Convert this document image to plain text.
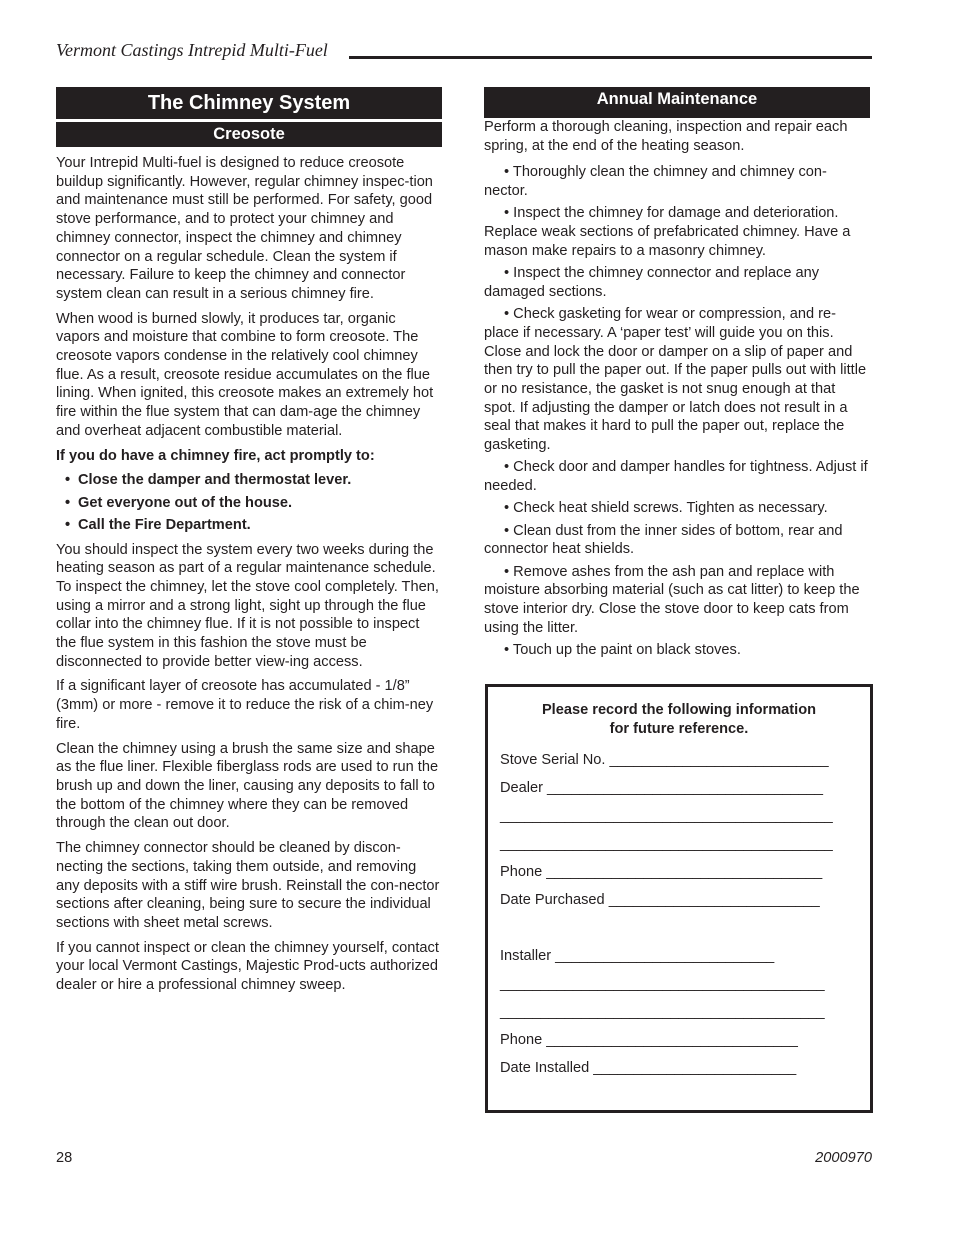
Vermont Castings Intrepid Multi-Fuel
The Chimney System
Creosote

Your Intrepid Multi-fuel is designed to reduce creosote buildup significantly. However, regular chimney inspec-tion and maintenance must still be performed. For safety, good stove performance, and to protect your chimney and chimney connector, inspect the chimney and chimney connector on a regular schedule. Clean the system if necessary. Failure to keep the chimney and connector system clean can result in a serious chimney fire.

When wood is burned slowly, it produces tar, organic vapors and moisture that combine to form creosote. The creosote vapors condense in the relatively cool chimney flue. As a result, creosote residue accumulates on the flue lining. When ignited, this creosote makes an extremely hot fire within the flue system that can dam-age the chimney and overheat adjacent combustible material.

If you do have a chimney fire, act promptly to:

• Close the damper and thermostat lever.
• Get everyone out of the house.
• Call the Fire Department.

You should inspect the system every two weeks during the heating season as part of a regular maintenance schedule. To inspect the chimney, let the stove cool completely. Then, using a mirror and a strong light, sight up through the flue collar into the chimney flue. If it is not possible to inspect the flue system in this fashion the stove must be disconnected to provide better view-ing access.

If a significant layer of creosote has accumulated - 1/8” (3mm) or more - remove it to reduce the risk of a chim-ney fire.

Clean the chimney using a brush the same size and shape as the flue liner. Flexible fiberglass rods are used to run the brush up and down the liner, causing any deposits to fall to the bottom of the chimney where they can be removed through the clean out door.

The chimney connector should be cleaned by discon-necting the sections, taking them outside, and removing any deposits with a stiff wire brush. Reinstall the con-nector sections after cleaning, being sure to secure the individual sections with sheet metal screws.

If you cannot inspect or clean the chimney yourself, contact your local Vermont Castings, Majestic Prod-ucts authorized dealer or hire a professional chimney sweep.

Annual Maintenance

Perform a thorough cleaning, inspection and repair each spring, at the end of the heating season.

• Thoroughly clean the chimney and chimney con-nector.

• Inspect the chimney for damage and deterioration. Replace weak sections of prefabricated chimney. Have a mason make repairs to a masonry chimney.

• Inspect the chimney connector and replace any damaged sections.

• Check gasketing for wear or compression, and re-place if necessary. A ‘paper test’ will guide you on this. Close and lock the door or damper on a slip of paper and then try to pull the paper out. If the paper pulls out with little or no resistance, the gasket is not snug enough at that spot. If adjusting the damper or latch does not result in a seal that makes it hard to pull the paper out, replace the gasketing.

• Check door and damper handles for tightness. Adjust if needed.

• Check heat shield screws. Tighten as necessary.

• Clean dust from the inner sides of bottom, rear and connector heat shields.

• Remove ashes from the ash pan and replace with moisture absorbing material (such as cat litter) to keep the stove interior dry. Close the stove door to keep cats from using the litter.

• Touch up the paint on black stoves.

Please record the following information
for future reference.
Stove Serial No. ___________________________
Dealer __________________________________
_________________________________________
_________________________________________
Phone __________________________________
Date Purchased __________________________
Installer ___________________________
________________________________________
________________________________________
Phone _______________________________
Date Installed _________________________
28	2000970
